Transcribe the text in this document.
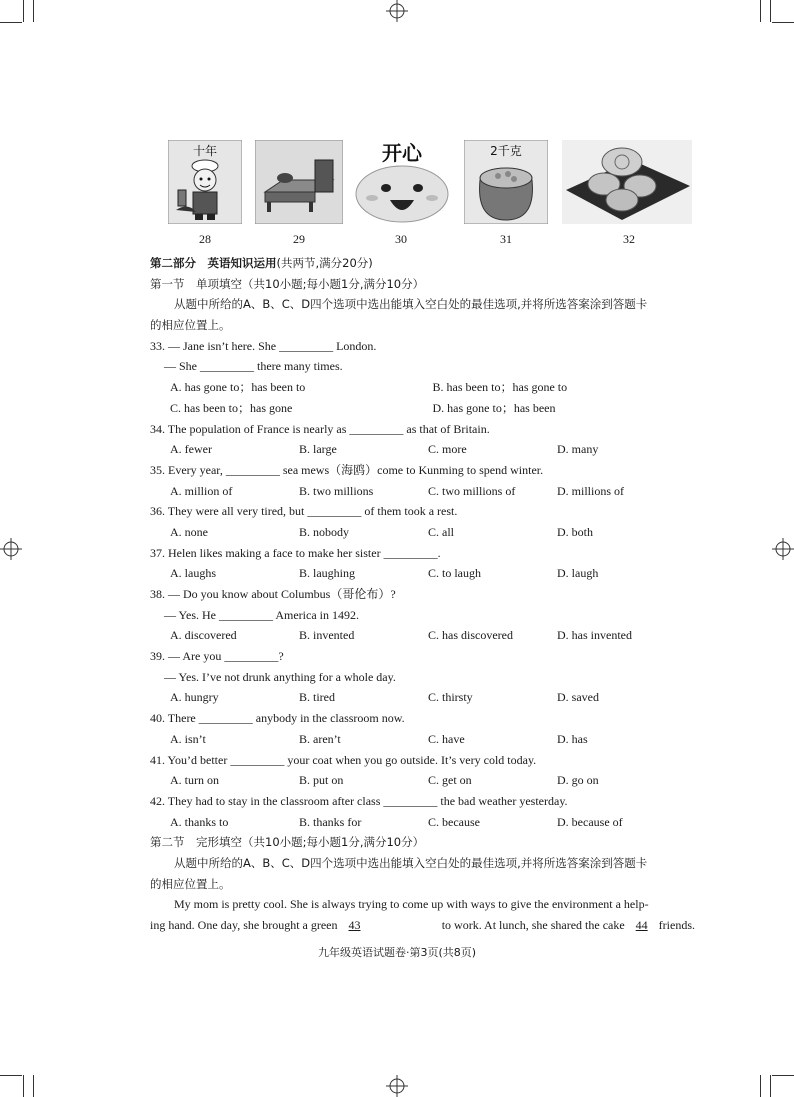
十年	开心	2千克
28	29	30	31	32
第二部分　英语知识运用(共两节,满分20分)
第一节　单项填空（共10小题;每小题1分,满分10分）
从题中所给的A、B、C、D四个选项中选出能填入空白处的最佳选项,并将所选答案涂到答题卡
的相应位置上。
33. — Jane isn’t here. She _________ London.
— She _________ there many times.
A. has gone to；has been to	B. has been to；has gone to
C. has been to；has gone	D. has gone to；has been
34. The population of France is nearly as _________ as that of Britain.
A. fewer	B. large	C. more	D. many
35. Every year, _________ sea mews（海鸥）come to Kunming to spend winter.
A. million of	B. two millions	C. two millions of	D. millions of
36. They were all very tired, but _________ of them took a rest.
A. none	B. nobody	C. all	D. both
37. Helen likes making a face to make her sister _________.
A. laughs	B. laughing	C. to laugh	D. laugh
38. — Do you know about Columbus（哥伦布）?
— Yes. He _________ America in 1492.
A. discovered	B. invented	C. has discovered	D. has invented
39. — Are you _________?
— Yes. I’ve not drunk anything for a whole day.
A. hungry	B. tired	C. thirsty	D. saved
40. There _________ anybody in the classroom now.
A. isn’t	B. aren’t	C. have	D. has
41. You’d better _________ your coat when you go outside. It’s very cold today.
A. turn on	B. put on	C. get on	D. go on
42. They had to stay in the classroom after class _________ the bad weather yesterday.
A. thanks to	B. thanks for	C. because	D. because of
第二节　完形填空（共10小题;每小题1分,满分10分）
从题中所给的A、B、C、D四个选项中选出能填入空白处的最佳选项,并将所选答案涂到答题卡
的相应位置上。
My mom is pretty cool. She is always trying to come up with ways to give the environment a help-
ing hand. One day, she brought a green 43	to work. At lunch, she shared the cake 44 friends.
九年级英语试题卷·第3页(共8页)
